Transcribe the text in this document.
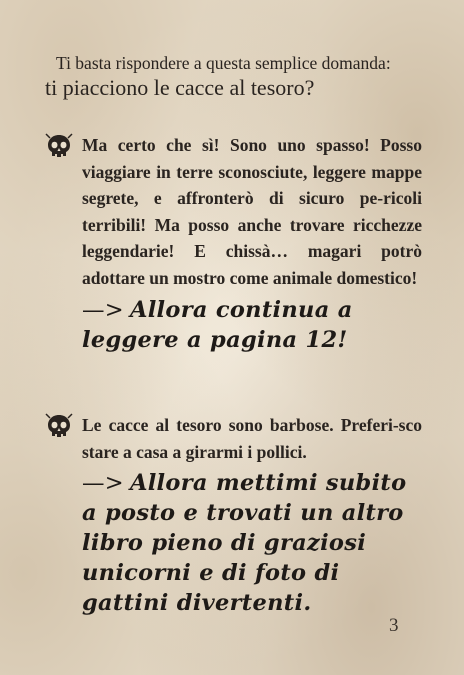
Ti basta rispondere a questa semplice domanda:
ti piacciono le cacce al tesoro?
Ma certo che sì! Sono uno spasso! Posso viaggiare in terre sconosciute, leggere mappe segrete, e affronterò di sicuro pe-ricoli terribili! Ma posso anche trovare ricchezze leggendarie! E chissà… magari potrò adottare un mostro come animale domestico!
—> Allora continua a leggere a pagina 12!
Le cacce al tesoro sono barbose. Preferi-sco stare a casa a girarmi i pollici.
—> Allora mettimi subito a posto e trovati un altro libro pieno di graziosi unicorni e di foto di gattini divertenti.
3
